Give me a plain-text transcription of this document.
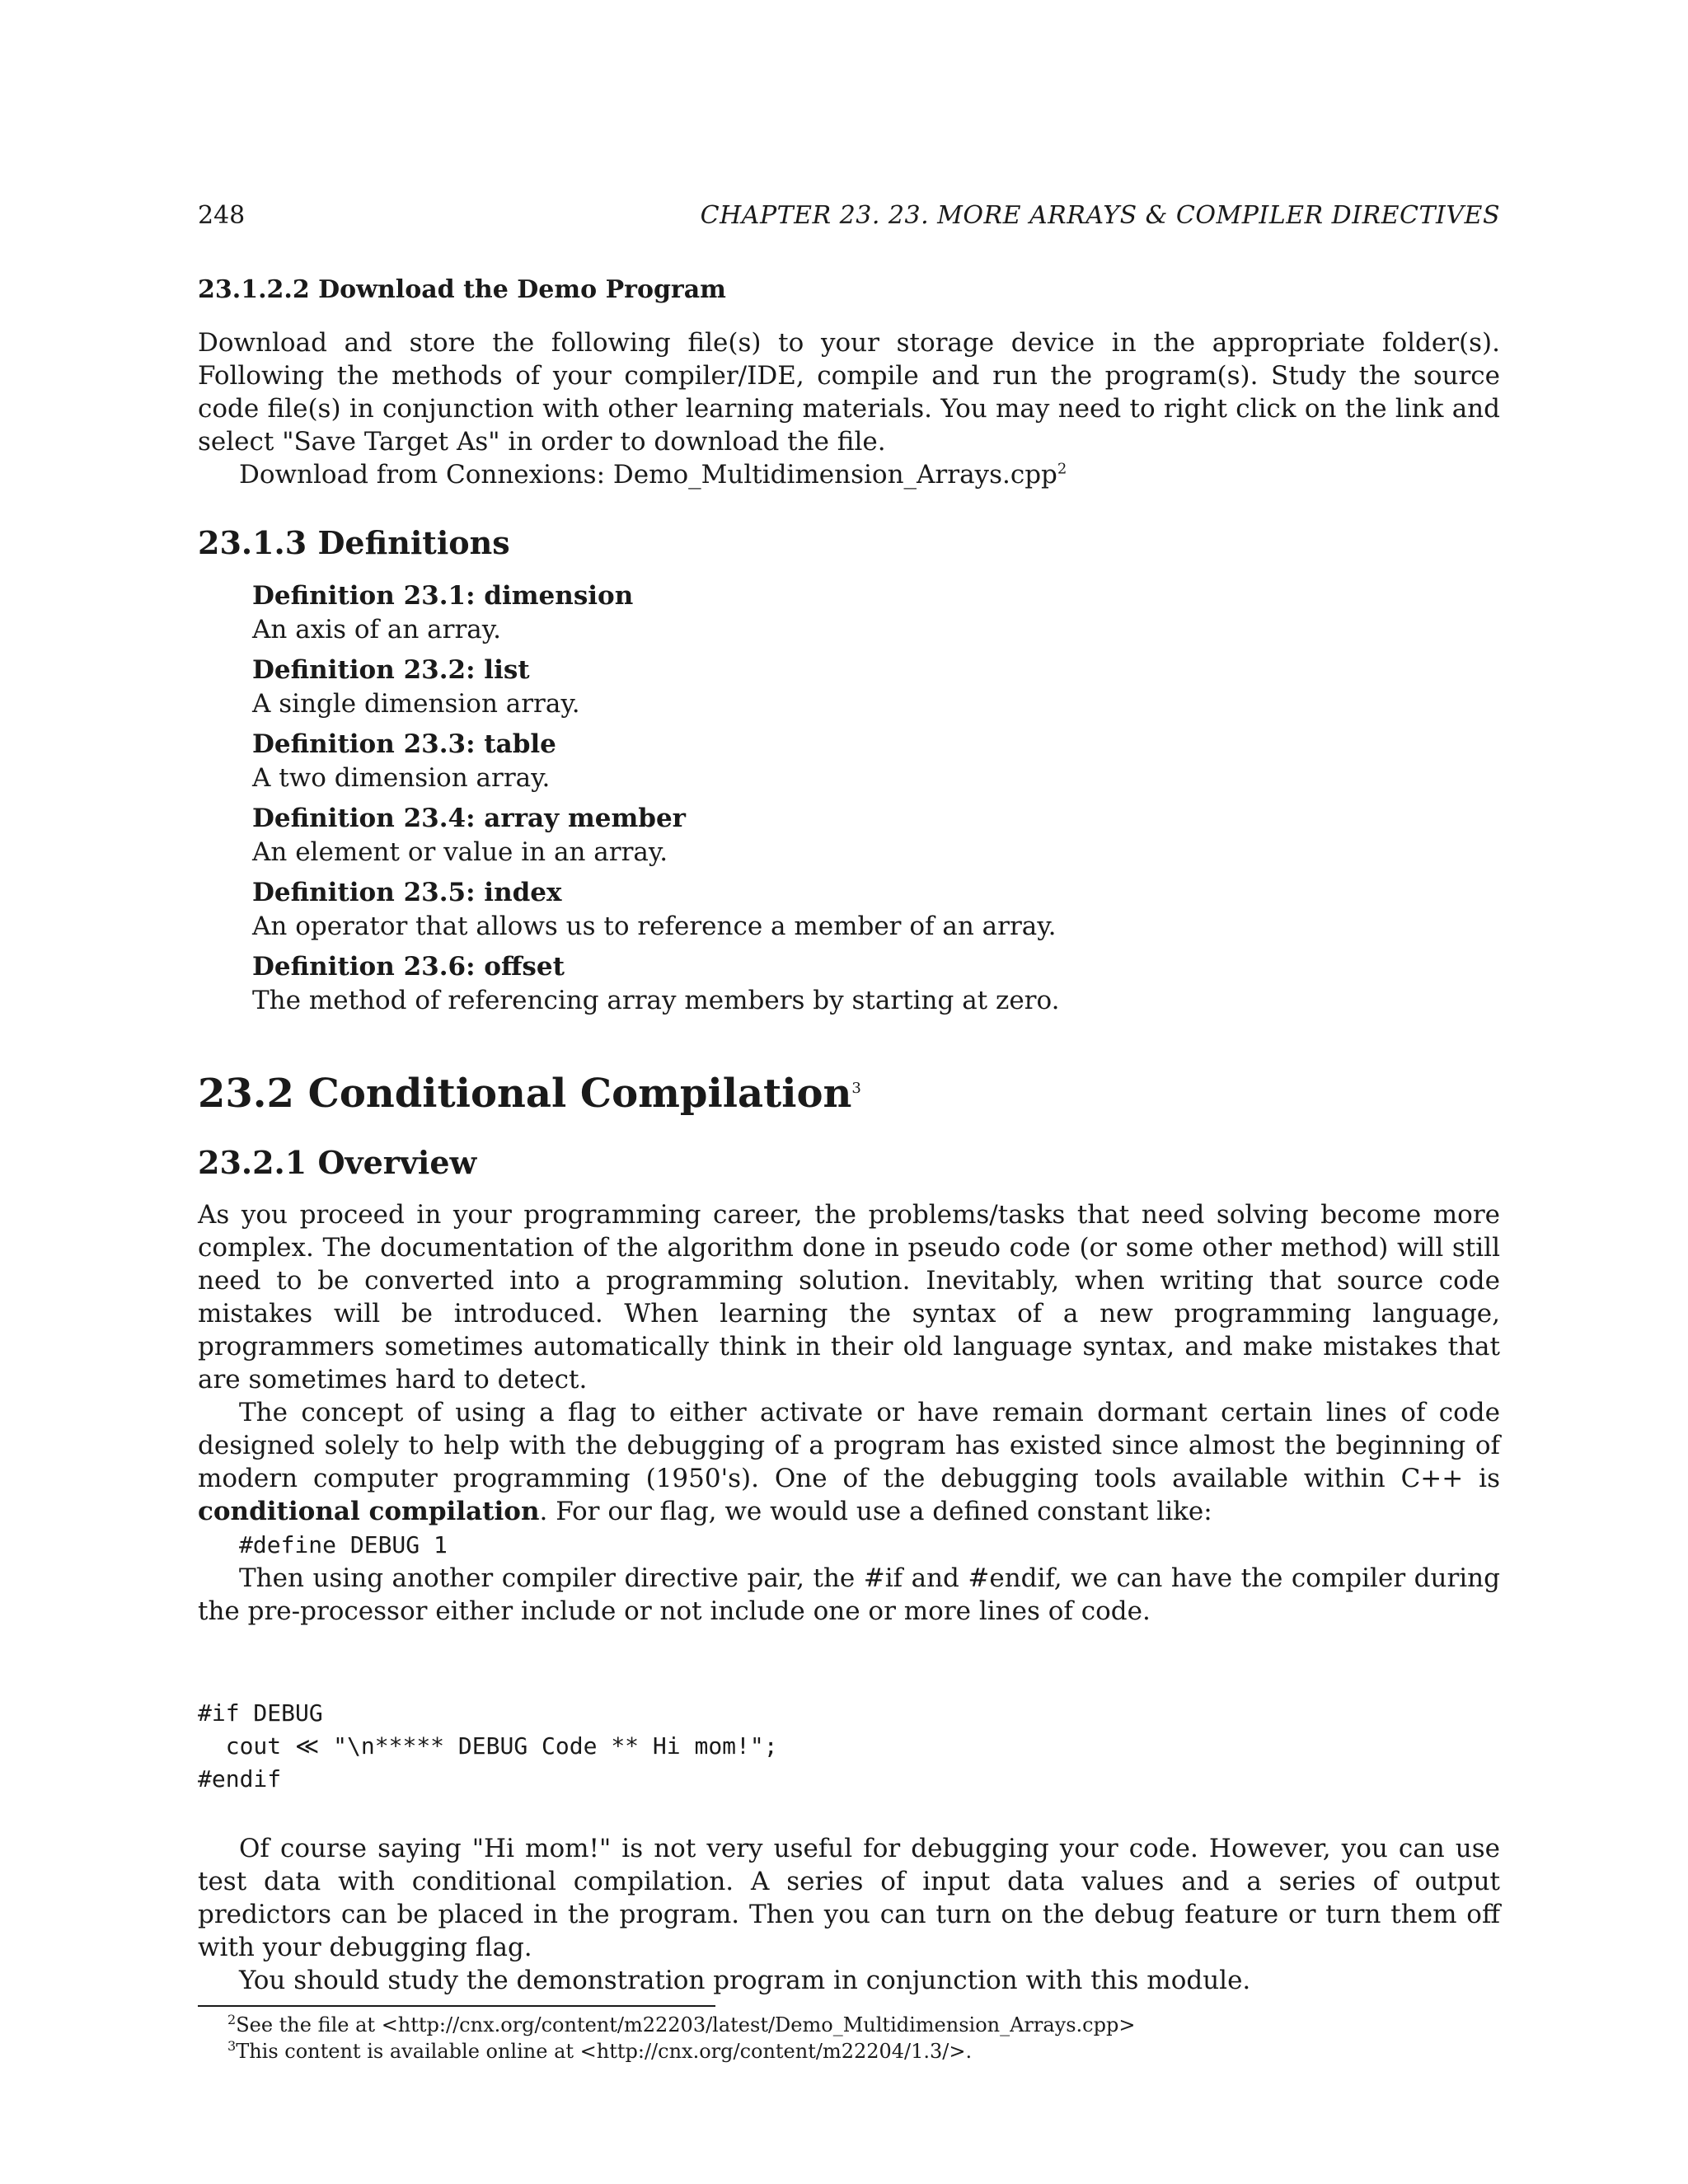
248	CHAPTER 23. 23. MORE ARRAYS & COMPILER DIRECTIVES
23.1.2.2 Download the Demo Program

Download and store the following file(s) to your storage device in the appropriate folder(s). Following the methods of your compiler/IDE, compile and run the program(s). Study the source code file(s) in conjunction with other learning materials. You may need to right click on the link and select "Save Target As" in order to download the file.

Download from Connexions: Demo_Multidimension_Arrays.cpp$^2$

23.1.3 Definitions
Definition 23.1: dimension
An axis of an array.
Definition 23.2: list
A single dimension array.
Definition 23.3: table
A two dimension array.
Definition 23.4: array member
An element or value in an array.
Definition 23.5: index
An operator that allows us to reference a member of an array.
Definition 23.6: offset
The method of referencing array members by starting at zero.
23.2 Conditional Compilation$^3$
23.2.1 Overview

As you proceed in your programming career, the problems/tasks that need solving become more complex. The documentation of the algorithm done in pseudo code (or some other method) will still need to be converted into a programming solution. Inevitably, when writing that source code mistakes will be introduced. When learning the syntax of a new programming language, programmers sometimes automatically think in their old language syntax, and make mistakes that are sometimes hard to detect.

The concept of using a flag to either activate or have remain dormant certain lines of code designed solely to help with the debugging of a program has existed since almost the beginning of modern computer programming (1950's). One of the debugging tools available within C++ is conditional compilation. For our flag, we would use a defined constant like:

#define DEBUG 1

Then using another compiler directive pair, the #if and #endif, we can have the compiler during the pre-processor either include or not include one or more lines of code.

#if DEBUG
cout ≪ "\n***** DEBUG Code ** Hi mom!";
#endif

Of course saying "Hi mom!" is not very useful for debugging your code. However, you can use test data with conditional compilation. A series of input data values and a series of output predictors can be placed in the program. Then you can turn on the debug feature or turn them off with your debugging flag.

You should study the demonstration program in conjunction with this module.

$^2$See the file at <http://cnx.org/content/m22203/latest/Demo_Multidimension_Arrays.cpp>
$^3$This content is available online at <http://cnx.org/content/m22204/1.3/>.
